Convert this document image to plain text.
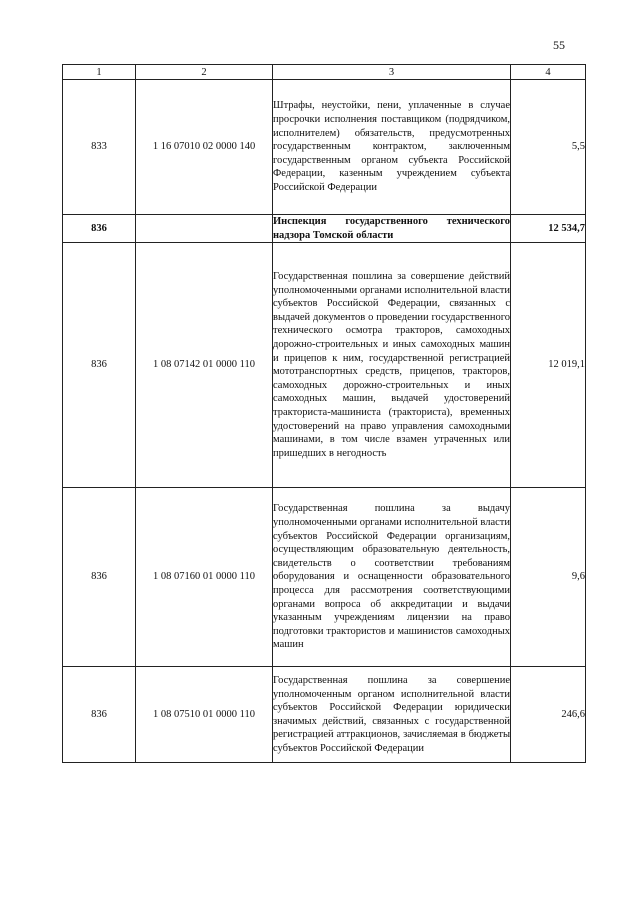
55
1	2	3	4
833	1 16 07010 02 0000 140	Штрафы, неустойки, пени, уплаченные в случае просрочки исполнения поставщиком (подрядчиком, исполнителем) обязательств, предусмотренных государственным контрактом, заключенным государственным органом субъекта Российской Федерации, казенным учреждением субъекта Российской Федерации	5,5
836		Инспекция государственного технического надзора Томской области	12 534,7
836	1 08 07142 01 0000 110	Государственная пошлина за совершение действий уполномоченными органами исполнительной власти субъектов Российской Федерации, связанных с выдачей документов о проведении государственного технического осмотра тракторов, самоходных дорожно-строительных и иных самоходных машин и прицепов к ним, государственной регистрацией мототранспортных средств, прицепов, тракторов, самоходных дорожно-строительных и иных самоходных машин, выдачей удостоверений тракториста-машиниста (тракториста), временных удостоверений на право управления самоходными машинами, в том числе взамен утраченных или пришедших в негодность	12 019,1
836	1 08 07160 01 0000 110	Государственная пошлина за выдачу уполномоченными органами исполнительной власти субъектов Российской Федерации организациям, осуществляющим образовательную деятельность, свидетельств о соответствии требованиям оборудования и оснащенности образовательного процесса для рассмотрения соответствующими органами вопроса об аккредитации и выдачи указанным учреждениям лицензии на право подготовки трактористов и машинистов самоходных машин	9,6
836	1 08 07510 01 0000 110	Государственная пошлина за совершение уполномоченным органом исполнительной власти субъектов Российской Федерации юридически значимых действий, связанных с государственной регистрацией аттракционов, зачисляемая в бюджеты субъектов Российской Федерации	246,6
